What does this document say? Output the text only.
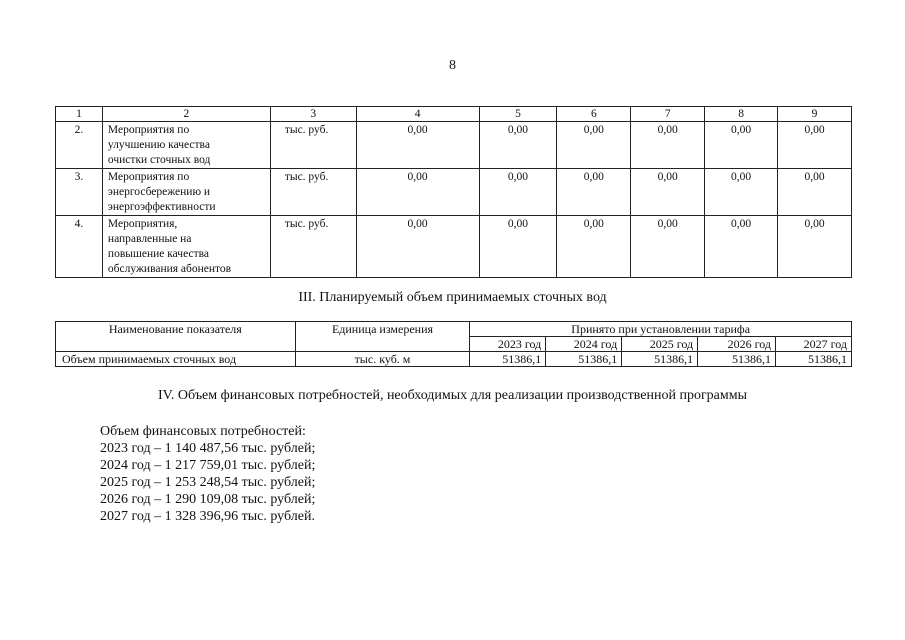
8
1	2	3	4	5	6	7	8	9
2.	Мероприятия по
улучшению качества
очистки сточных вод	тыс. руб.	0,00	0,00	0,00	0,00	0,00	0,00
3.	Мероприятия по
энергосбережению и
энергоэффективности	тыс. руб.	0,00	0,00	0,00	0,00	0,00	0,00
4.	Мероприятия,
направленные на
повышение качества
обслуживания абонентов	тыс. руб.	0,00	0,00	0,00	0,00	0,00	0,00
III. Планируемый объем принимаемых сточных вод
Наименование показателя	Единица измерения	Принято при установлении тарифа				
		2023 год	2024 год	2025 год	2026 год	2027 год
Объем принимаемых сточных вод	тыс. куб. м	51386,1	51386,1	51386,1	51386,1	51386,1
IV. Объем финансовых потребностей, необходимых для реализации производственной программы
Объем финансовых потребностей:
2023 год – 1 140 487,56 тыс. рублей;
2024 год – 1 217 759,01 тыс. рублей;
2025 год – 1 253 248,54 тыс. рублей;
2026 год – 1 290 109,08 тыс. рублей;
2027 год – 1 328 396,96 тыс. рублей.
